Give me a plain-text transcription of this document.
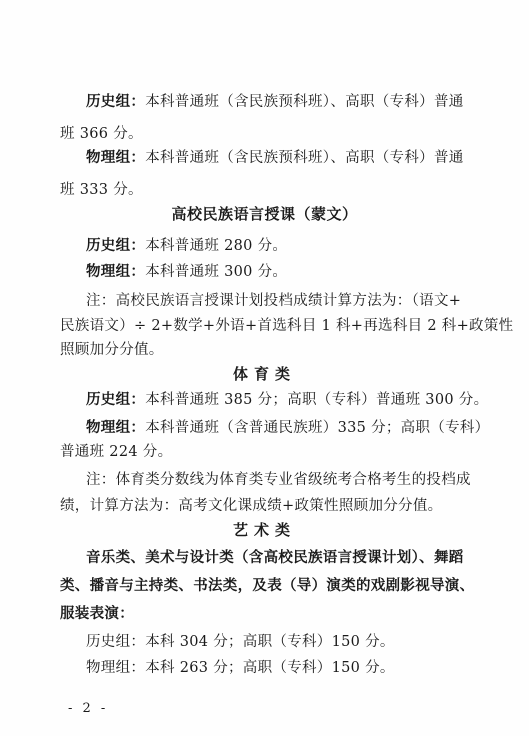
历史组：本科普通班（含民族预科班）、高职（专科）普通
班 366 分。
物理组：本科普通班（含民族预科班）、高职（专科）普通
班 333 分。
高校民族语言授课（蒙文）
历史组：本科普通班 280 分。
物理组：本科普通班 300 分。
注：高校民族语言授课计划投档成绩计算方法为：（语文+
民族语文）÷ 2+数学+外语+首选科目 1 科+再选科目 2 科+政策性
照顾加分分值。
体育类
历史组：本科普通班 385 分；高职（专科）普通班 300 分。
物理组：本科普通班（含普通民族班）335 分；高职（专科）
普通班 224 分。
注：体育类分数线为体育类专业省级统考合格考生的投档成
绩，计算方法为：高考文化课成绩+政策性照顾加分分值。
艺术类
音乐类、美术与设计类（含高校民族语言授课计划）、舞蹈
类、播音与主持类、书法类，及表（导）演类的戏剧影视导演、
服装表演：
历史组：本科 304 分；高职（专科）150 分。
物理组：本科 263 分；高职（专科）150 分。
- 2 -
